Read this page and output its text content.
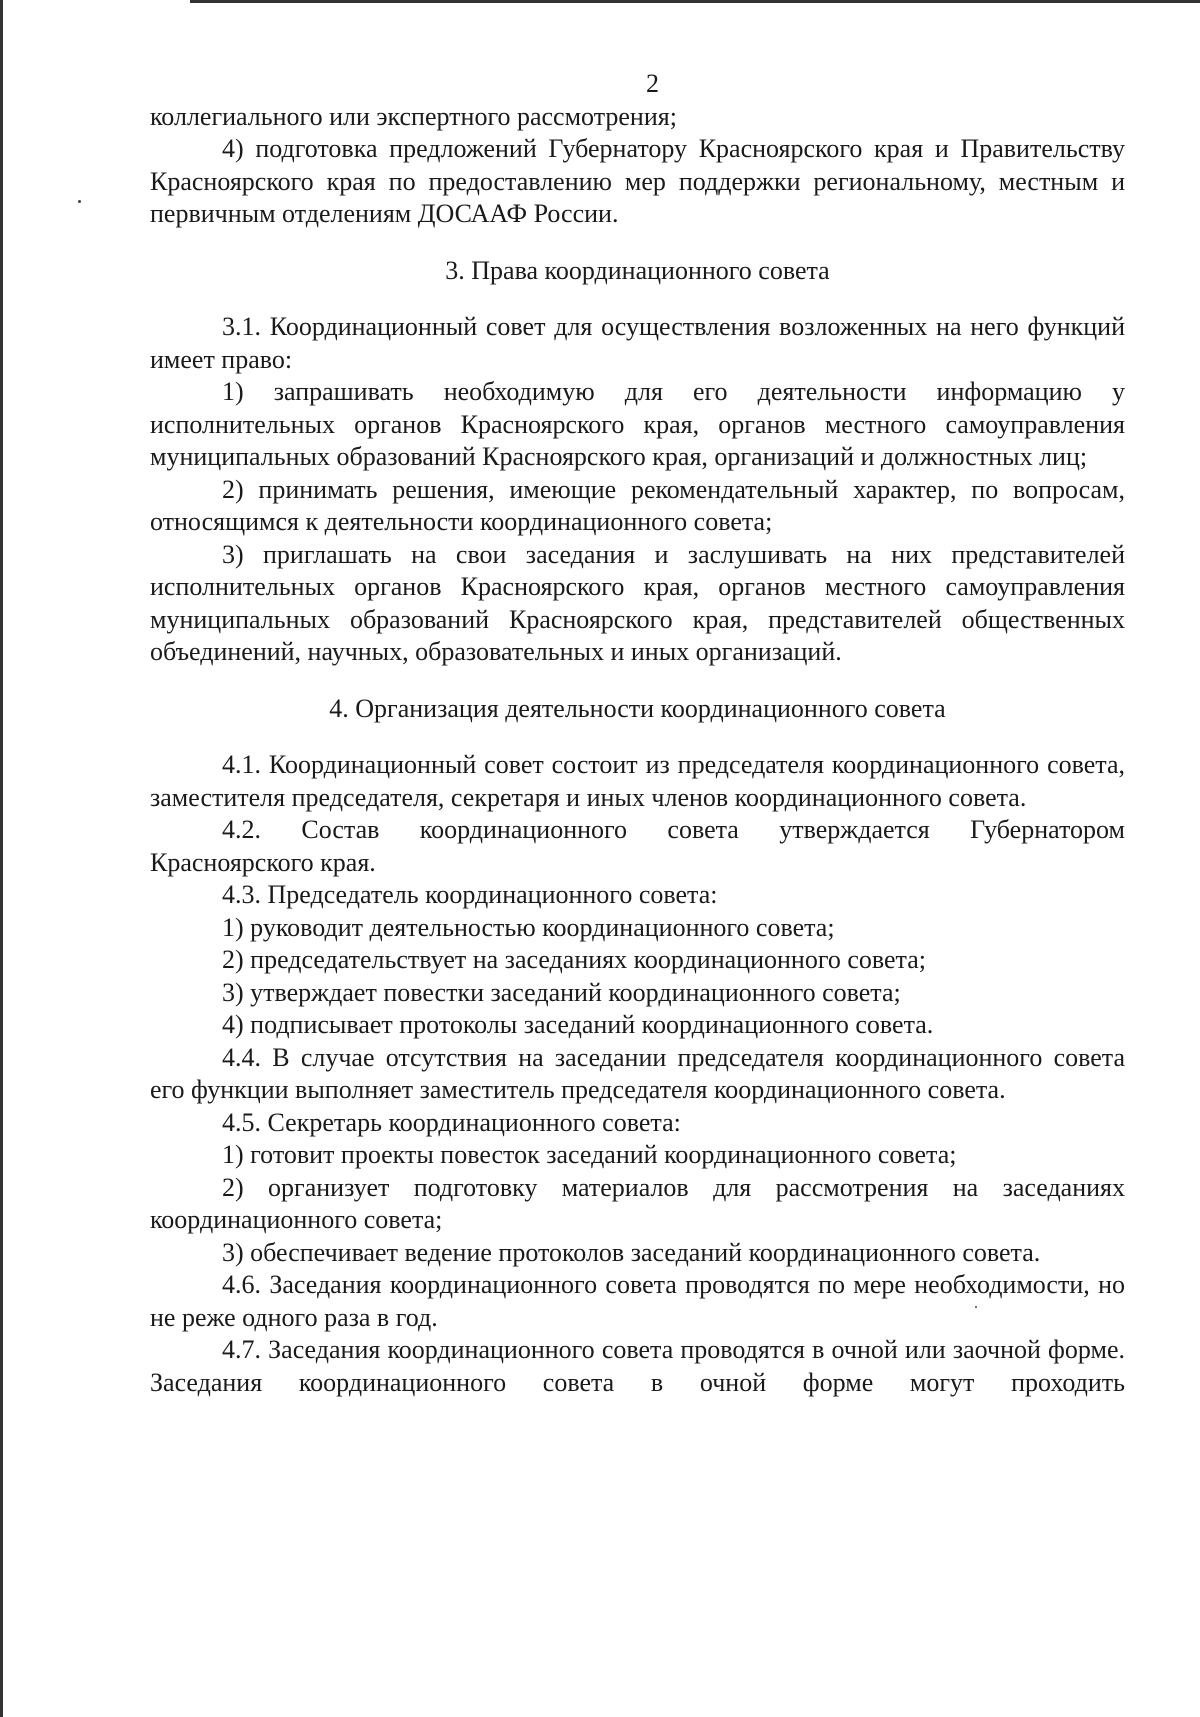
2

коллегиального или экспертного рассмотрения;

4) подготовка предложений Губернатору Красноярского края и Правительству Красноярского края по предоставлению мер поддержки региональному, местным и первичным отделениям ДОСААФ России.

3. Права координационного совета

3.1. Координационный совет для осуществления возложенных на него функций имеет право:

1) запрашивать необходимую для его деятельности информацию у исполнительных органов Красноярского края, органов местного самоуправления муниципальных образований Красноярского края, организаций и должностных лиц;

2) принимать решения, имеющие рекомендательный характер, по вопросам, относящимся к деятельности координационного совета;

3) приглашать на свои заседания и заслушивать на них представителей исполнительных органов Красноярского края, органов местного самоуправления муниципальных образований Красноярского края, представителей общественных объединений, научных, образовательных и иных организаций.

4. Организация деятельности координационного совета

4.1. Координационный совет состоит из председателя координационного совета, заместителя председателя, секретаря и иных членов координационного совета.

4.2. Состав координационного совета утверждается Губернатором Красноярского края.

4.3. Председатель координационного совета:

1) руководит деятельностью координационного совета;

2) председательствует на заседаниях координационного совета;

3) утверждает повестки заседаний координационного совета;

4) подписывает протоколы заседаний координационного совета.

4.4. В случае отсутствия на заседании председателя координационного совета его функции выполняет заместитель председателя координационного совета.

4.5. Секретарь координационного совета:

1) готовит проекты повесток заседаний координационного совета;

2) организует подготовку материалов для рассмотрения на заседаниях координационного совета;

3) обеспечивает ведение протоколов заседаний координационного совета.

4.6. Заседания координационного совета проводятся по мере необходимости, но не реже одного раза в год.

4.7. Заседания координационного совета проводятся в очной или заочной форме. Заседания координационного совета в очной форме могут проходить
